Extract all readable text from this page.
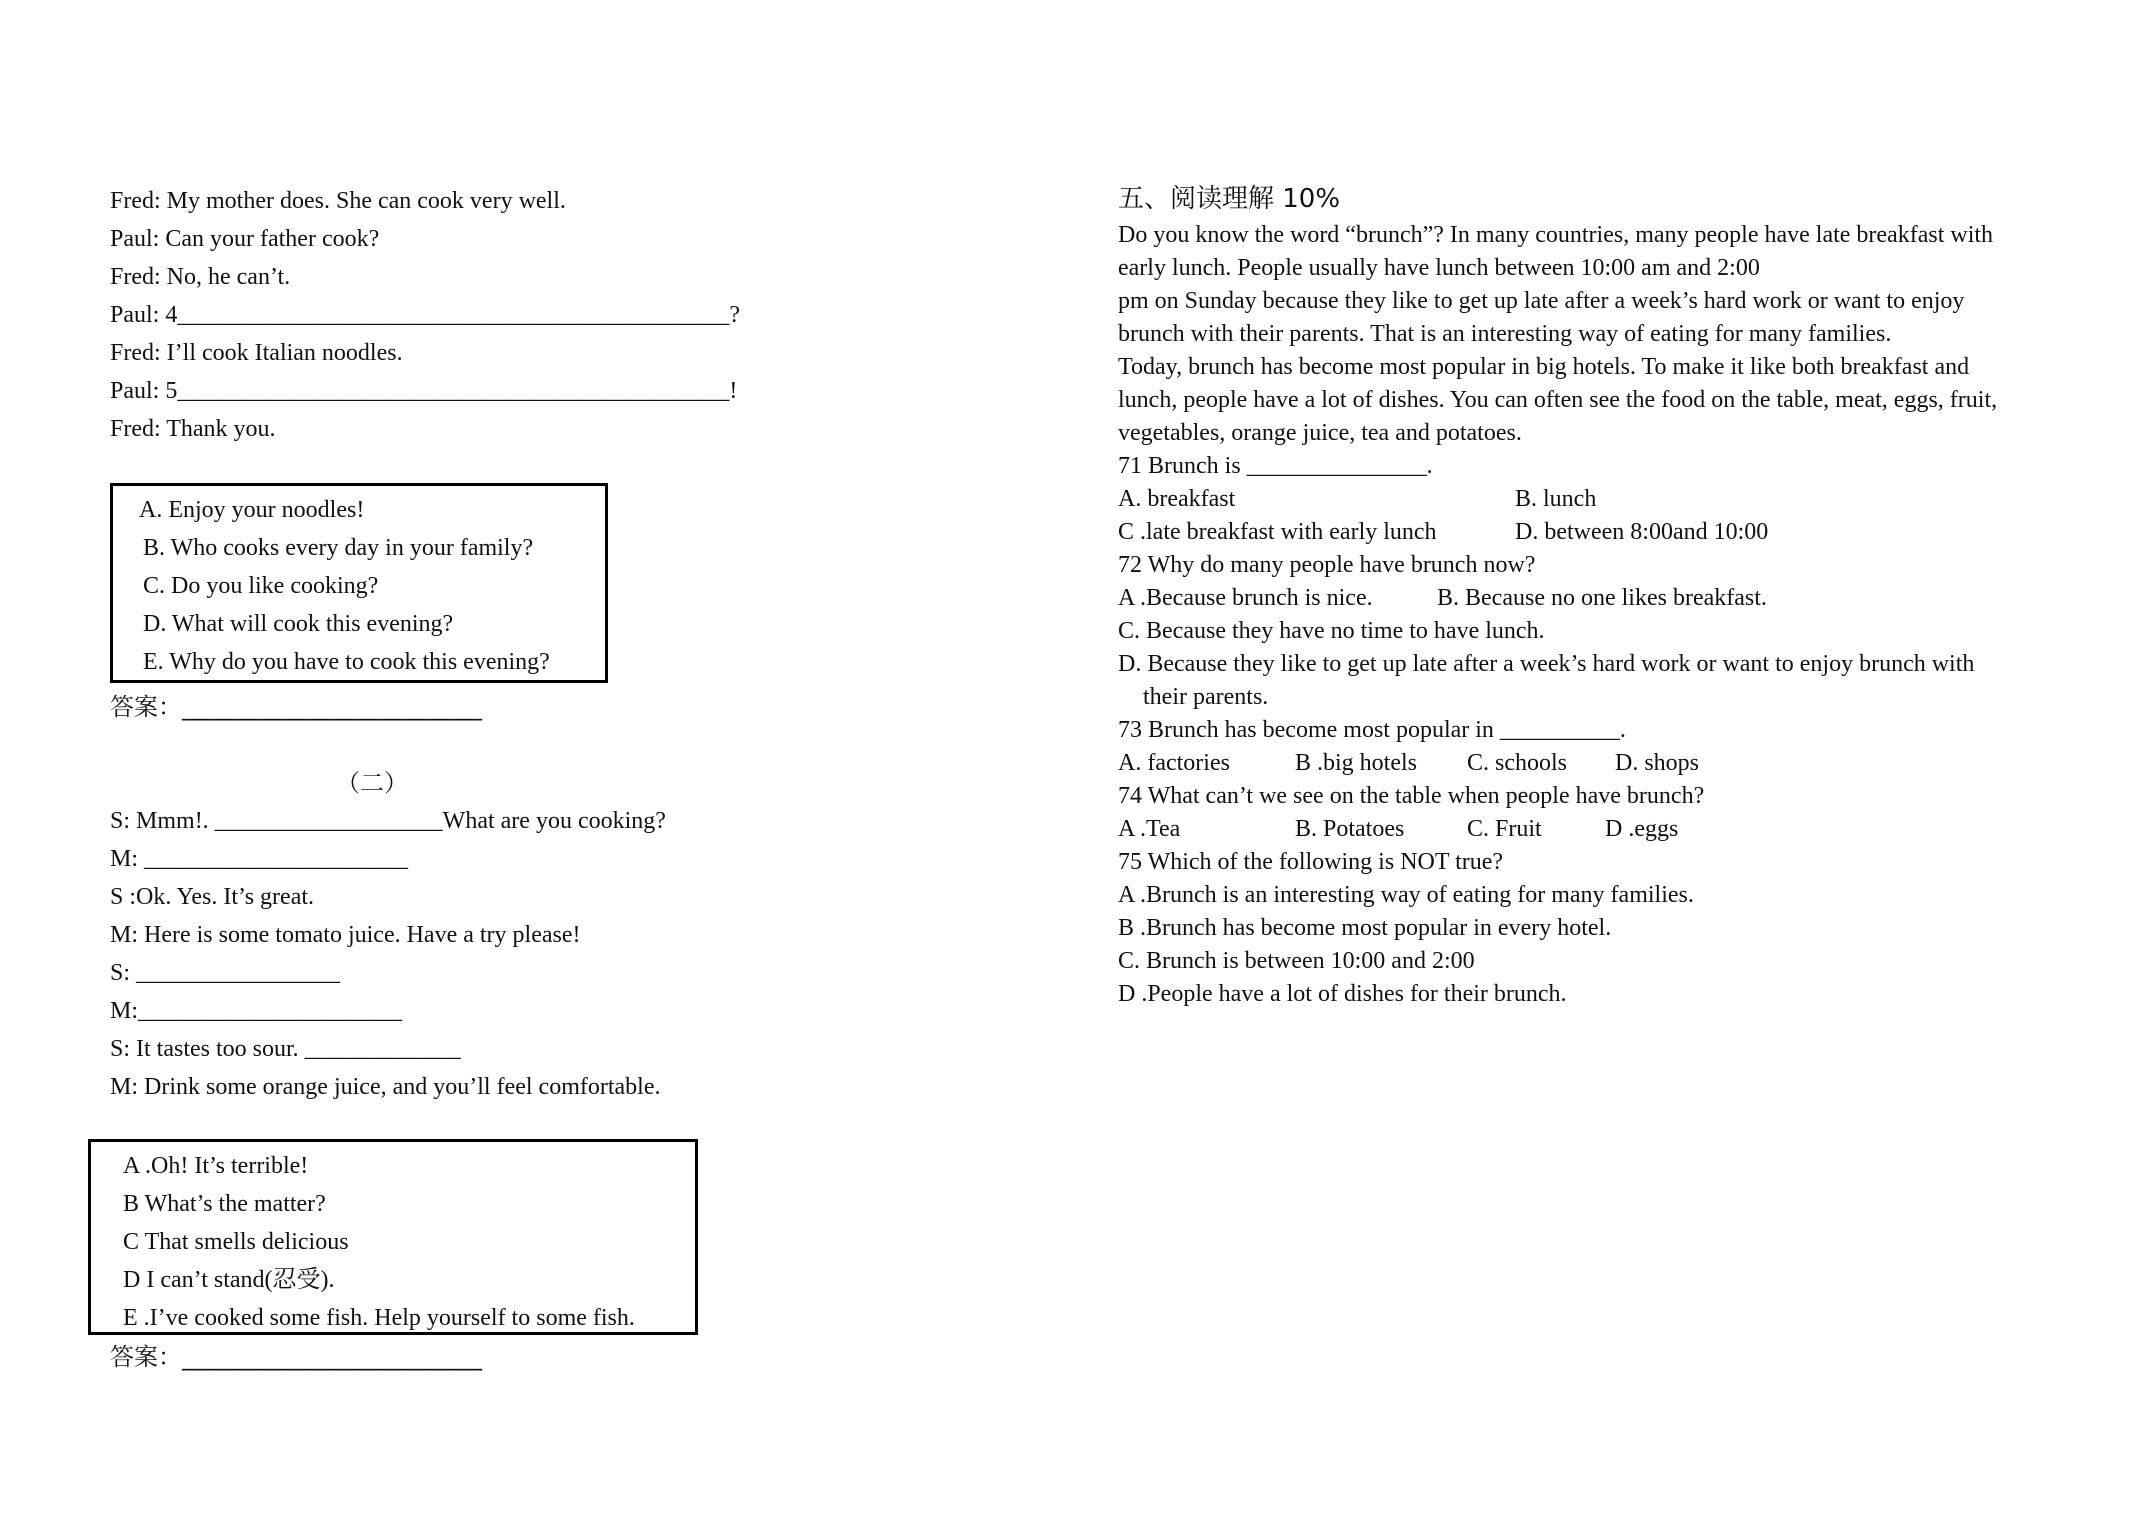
Fred: My mother does. She can cook very well.
Paul: Can your father cook?
Fred: No, he can’t.
Paul: 4______________________________________________?
Fred: I’ll cook Italian noodles.
Paul: 5______________________________________________!
Fred: Thank you.
A. Enjoy your noodles!
B. Who cooks every day in your family?
C. Do you like cooking?
D. What will cook this evening?
E. Why do you have to cook this evening?
答案：_________________________
（二）
S: Mmm!. ___________________What are you cooking?
M: ______________________
S :Ok. Yes. It’s great.
M: Here is some tomato juice. Have a try please!
S: _________________
M:______________________
S: It tastes too sour. _____________
M: Drink some orange juice, and you’ll feel comfortable.
A .Oh! It’s terrible!
B What’s the matter?
C That smells delicious
D I can’t stand(忍受).
E .I’ve cooked some fish. Help yourself to some fish.
答案：_________________________
五、阅读理解 10%
Do you know the word “brunch”? In many countries, many people have late breakfast with
early lunch. People usually have lunch between 10:00 am and 2:00
pm on Sunday because they like to get up late after a week’s hard work or want to enjoy
brunch with their parents. That is an interesting way of eating for many families.
Today, brunch has become most popular in big hotels. To make it like both breakfast and
lunch, people have a lot of dishes. You can often see the food on the table, meat, eggs, fruit,
vegetables, orange juice, tea and potatoes.
71 Brunch is _______________.
A. breakfast	B. lunch
C .late breakfast with early lunch	D. between 8:00and 10:00
72 Why do many people have brunch now?
A .Because brunch is nice.	B. Because no one likes breakfast.
C. Because they have no time to have lunch.
D. Because they like to get up late after a week’s hard work or want to enjoy brunch with
their parents.
73 Brunch has become most popular in __________.
A. factories	B .big hotels C. schools D. shops
74 What can’t we see on the table when people have brunch?
A .Tea	B. Potatoes	C. Fruit	D .eggs
75 Which of the following is NOT true?
A .Brunch is an interesting way of eating for many families.
B .Brunch has become most popular in every hotel.
C. Brunch is between 10:00 and 2:00
D .People have a lot of dishes for their brunch.
